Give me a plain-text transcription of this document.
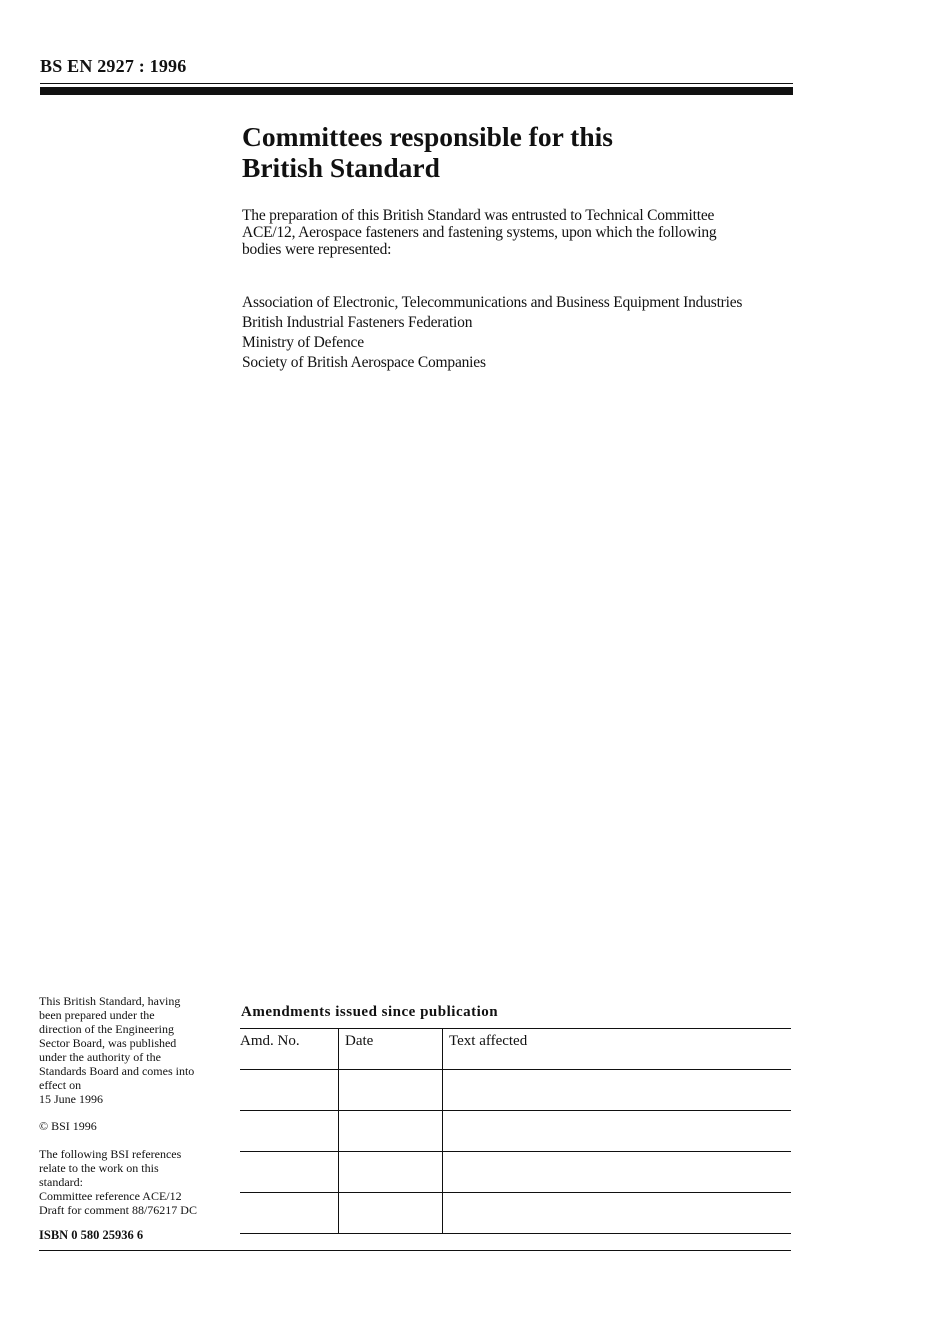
BS EN 2927 : 1996
Committees responsible for this
British Standard

The preparation of this British Standard was entrusted to Technical Committee
ACE/12, Aerospace fasteners and fastening systems, upon which the following
bodies were represented:

Association of Electronic, Telecommunications and Business Equipment Industries
British Industrial Fasteners Federation
Ministry of Defence
Society of British Aerospace Companies
This British Standard, having
been prepared under the
direction of the Engineering
Sector Board, was published
under the authority of the
Standards Board and comes into
effect on
15 June 1996
© BSI 1996
The following BSI references
relate to the work on this
standard:
Committee reference ACE/12
Draft for comment 88/76217 DC
ISBN 0 580 25936 6
Amendments issued since publication
Amd. No.	Date	Text affected
